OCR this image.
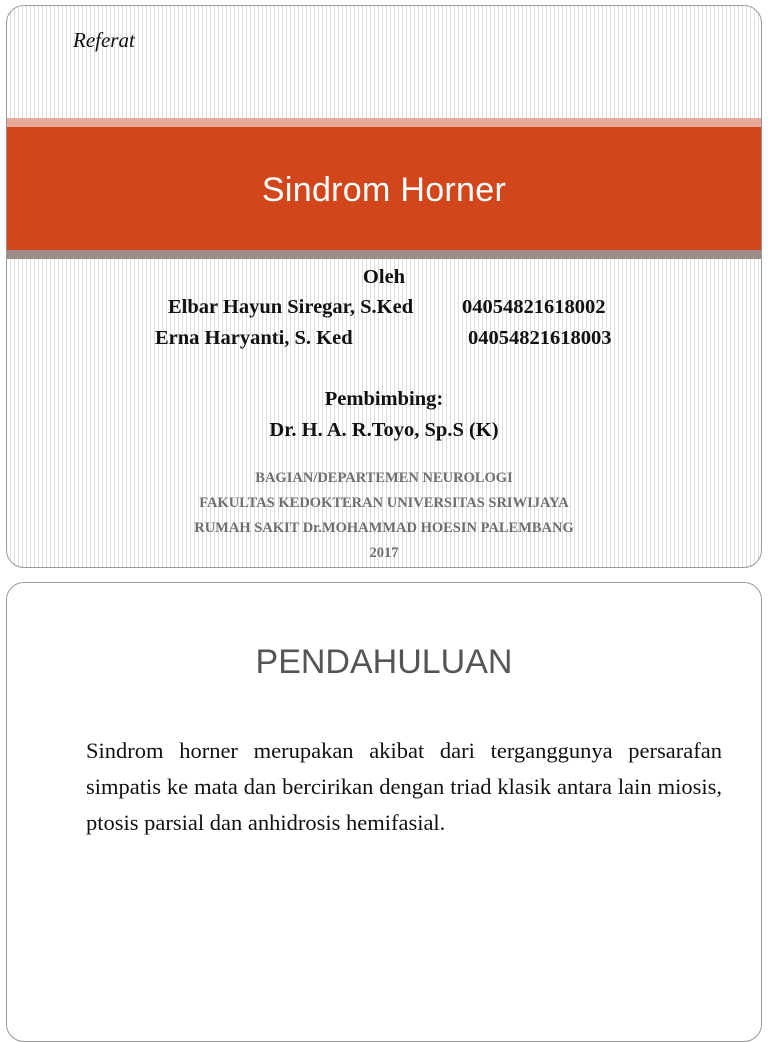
Referat
Sindrom Horner
Oleh
Elbar Hayun Siregar, S.Ked 04054821618002
Erna Haryanti, S. Ked	04054821618003
Pembimbing:
Dr. H. A. R.Toyo, Sp.S (K)
BAGIAN/DEPARTEMEN NEUROLOGI
FAKULTAS KEDOKTERAN UNIVERSITAS SRIWIJAYA
RUMAH SAKIT Dr.MOHAMMAD HOESIN PALEMBANG
2017
PENDAHULUAN
Sindrom horner merupakan akibat dari terganggunya persarafan simpatis ke mata dan bercirikan dengan triad klasik antara lain miosis, ptosis parsial dan anhidrosis hemifasial.
